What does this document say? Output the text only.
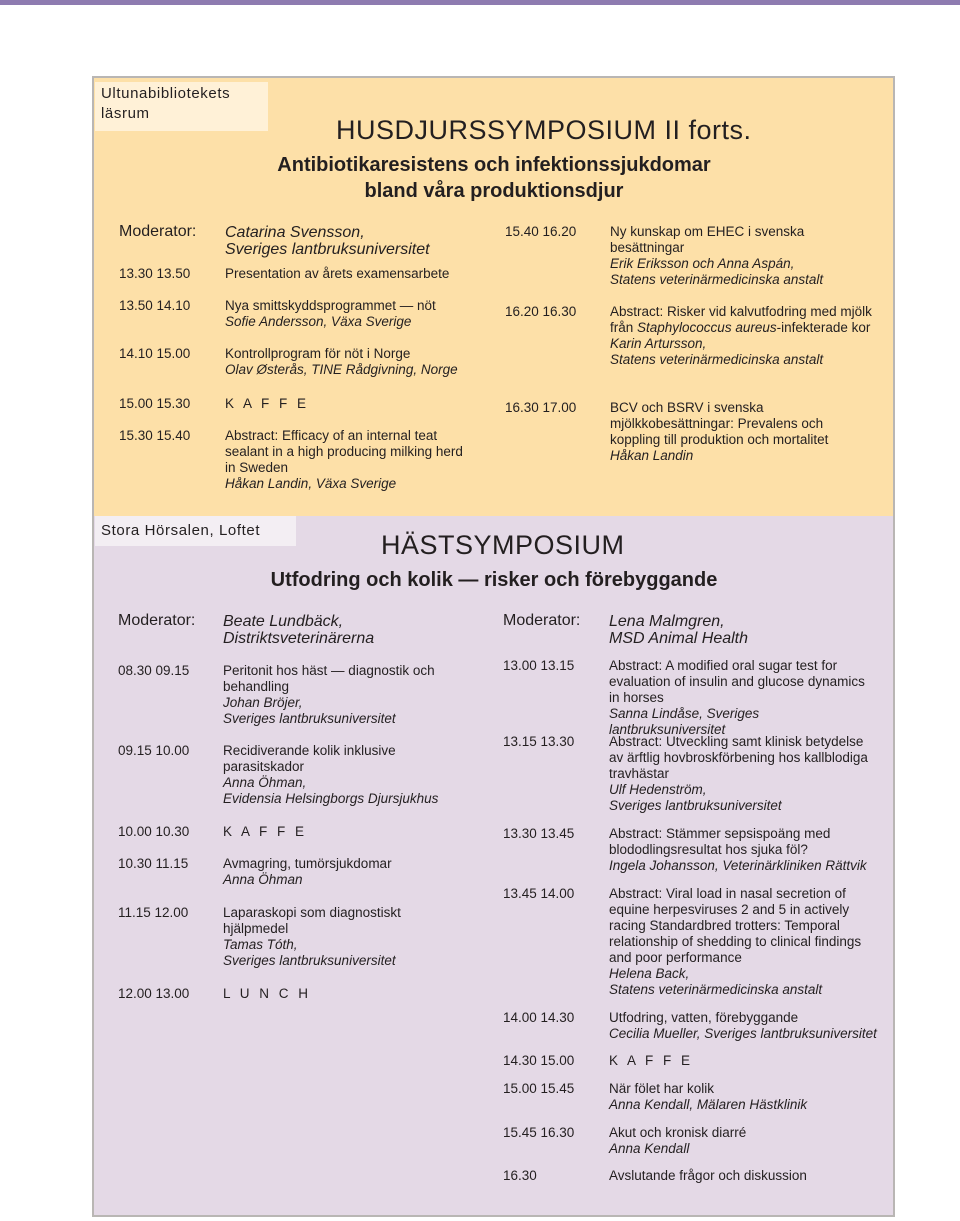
Ultunabibliotekets läsrum
HUSDJURSSYMPOSIUM II forts.
Antibiotikaresistens och infektionssjukdomar
bland våra produktionsdjur
Moderator: Catarina Svensson,
Sveriges lantbruksuniversitet
13.30 13.50	Presentation av årets examensarbete
13.50 14.10	Nya smittskyddsprogrammet — nöt
Sofie Andersson, Växa Sverige
14.10 15.00	Kontrollprogram för nöt i Norge
Olav Østerås, TINE Rådgivning, Norge
15.00 15.30	K A F F E
15.30 15.40	Abstract: Efficacy of an internal teat sealant in a high producing milking herd in Sweden
Håkan Landin, Växa Sverige
15.40 16.20 Ny kunskap om EHEC i svenska besättningar
Erik Eriksson och Anna Aspán,
Statens veterinärmedicinska anstalt
16.20 16.30 Abstract: Risker vid kalvutfodring med mjölk från Staphylococcus aureus-infekterade kor
Karin Artursson,
Statens veterinärmedicinska anstalt
16.30 17.00 BCV och BSRV i svenska mjölkkobesättningar: Prevalens och koppling till produktion och mortalitet
Håkan Landin
Stora Hörsalen, Loftet	HÄSTSYMPOSIUM
Utfodring och kolik — risker och förebyggande
Moderator: Beate Lundbäck,
Distriktsveterinärerna
Moderator: Lena Malmgren,
MSD Animal Health
08.30 09.15 Peritonit hos häst — diagnostik och behandling
Johan Bröjer,
Sveriges lantbruksuniversitet
09.15 10.00 Recidiverande kolik inklusive parasitskador
Anna Öhman,
Evidensia Helsingborgs Djursjukhus
10.00 10.30 K A F F E
10.30 11.15	Avmagring, tumörsjukdomar
Anna Öhman
11.15 12.00	Laparaskopi som diagnostiskt hjälpmedel
Tamas Tóth,
Sveriges lantbruksuniversitet
12.00 13.00 L U N C H
13.00 13.15	Abstract: A modified oral sugar test for evaluation of insulin and glucose dynamics in horses
Sanna Lindåse, Sveriges lantbruksuniversitet
13.15 13.30	Abstract: Utveckling samt klinisk betydelse av ärftlig hovbroskförbening hos kallblodiga travhästar
Ulf Hedenström,
Sveriges lantbruksuniversitet
13.30 13.45	Abstract: Stämmer sepsispoäng med blododlingsresultat hos sjuka föl?
Ingela Johansson, Veterinärkliniken Rättvik
13.45 14.00	Abstract: Viral load in nasal secretion of equine herpesviruses 2 and 5 in actively racing Standardbred trotters: Temporal relationship of shedding to clinical findings and poor performance
Helena Back,
Statens veterinärmedicinska anstalt
14.00 14.30	Utfodring, vatten, förebyggande
Cecilia Mueller, Sveriges lantbruksuniversitet
14.30 15.00	K A F F E
15.00 15.45	När fölet har kolik
Anna Kendall, Mälaren Hästklinik
15.45 16.30	Akut och kronisk diarré
Anna Kendall
16.30	Avslutande frågor och diskussion
